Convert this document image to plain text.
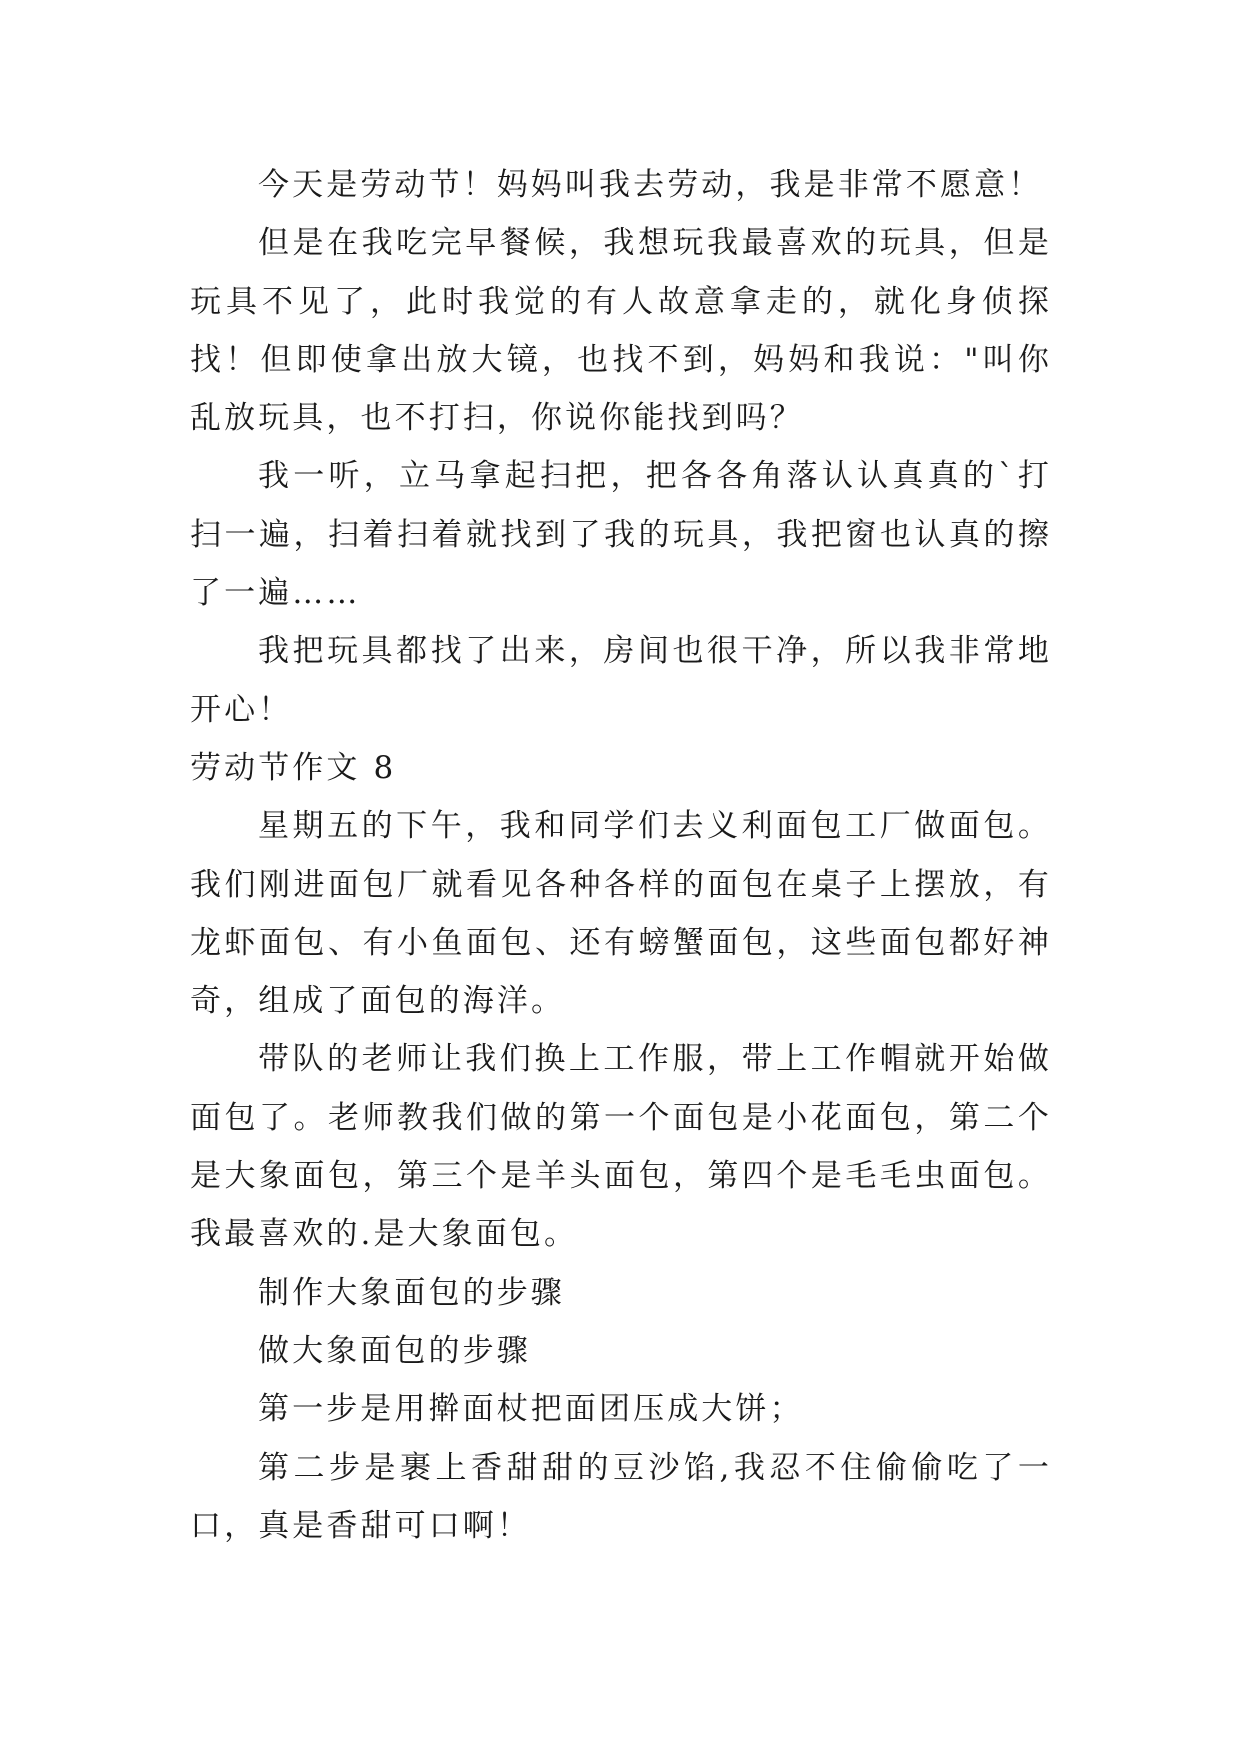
今天是劳动节！妈妈叫我去劳动，我是非常不愿意！

但是在我吃完早餐候，我想玩我最喜欢的玩具，但是玩具不见了，此时我觉的有人故意拿走的，就化身侦探找！但即使拿出放大镜，也找不到，妈妈和我说："叫你乱放玩具，也不打扫，你说你能找到吗？

我一听，立马拿起扫把，把各各角落认认真真的`打扫一遍，扫着扫着就找到了我的玩具，我把窗也认真的擦了一遍……

我把玩具都找了出来，房间也很干净，所以我非常地开心！

劳动节作文 8

星期五的下午，我和同学们去义利面包工厂做面包。我们刚进面包厂就看见各种各样的面包在桌子上摆放，有龙虾面包、有小鱼面包、还有螃蟹面包，这些面包都好神奇，组成了面包的海洋。

带队的老师让我们换上工作服，带上工作帽就开始做面包了。老师教我们做的第一个面包是小花面包，第二个是大象面包，第三个是羊头面包，第四个是毛毛虫面包。我最喜欢的.是大象面包。

制作大象面包的步骤

做大象面包的步骤

第一步是用擀面杖把面团压成大饼；

第二步是裹上香甜甜的豆沙馅,我忍不住偷偷吃了一口，真是香甜可口啊！
